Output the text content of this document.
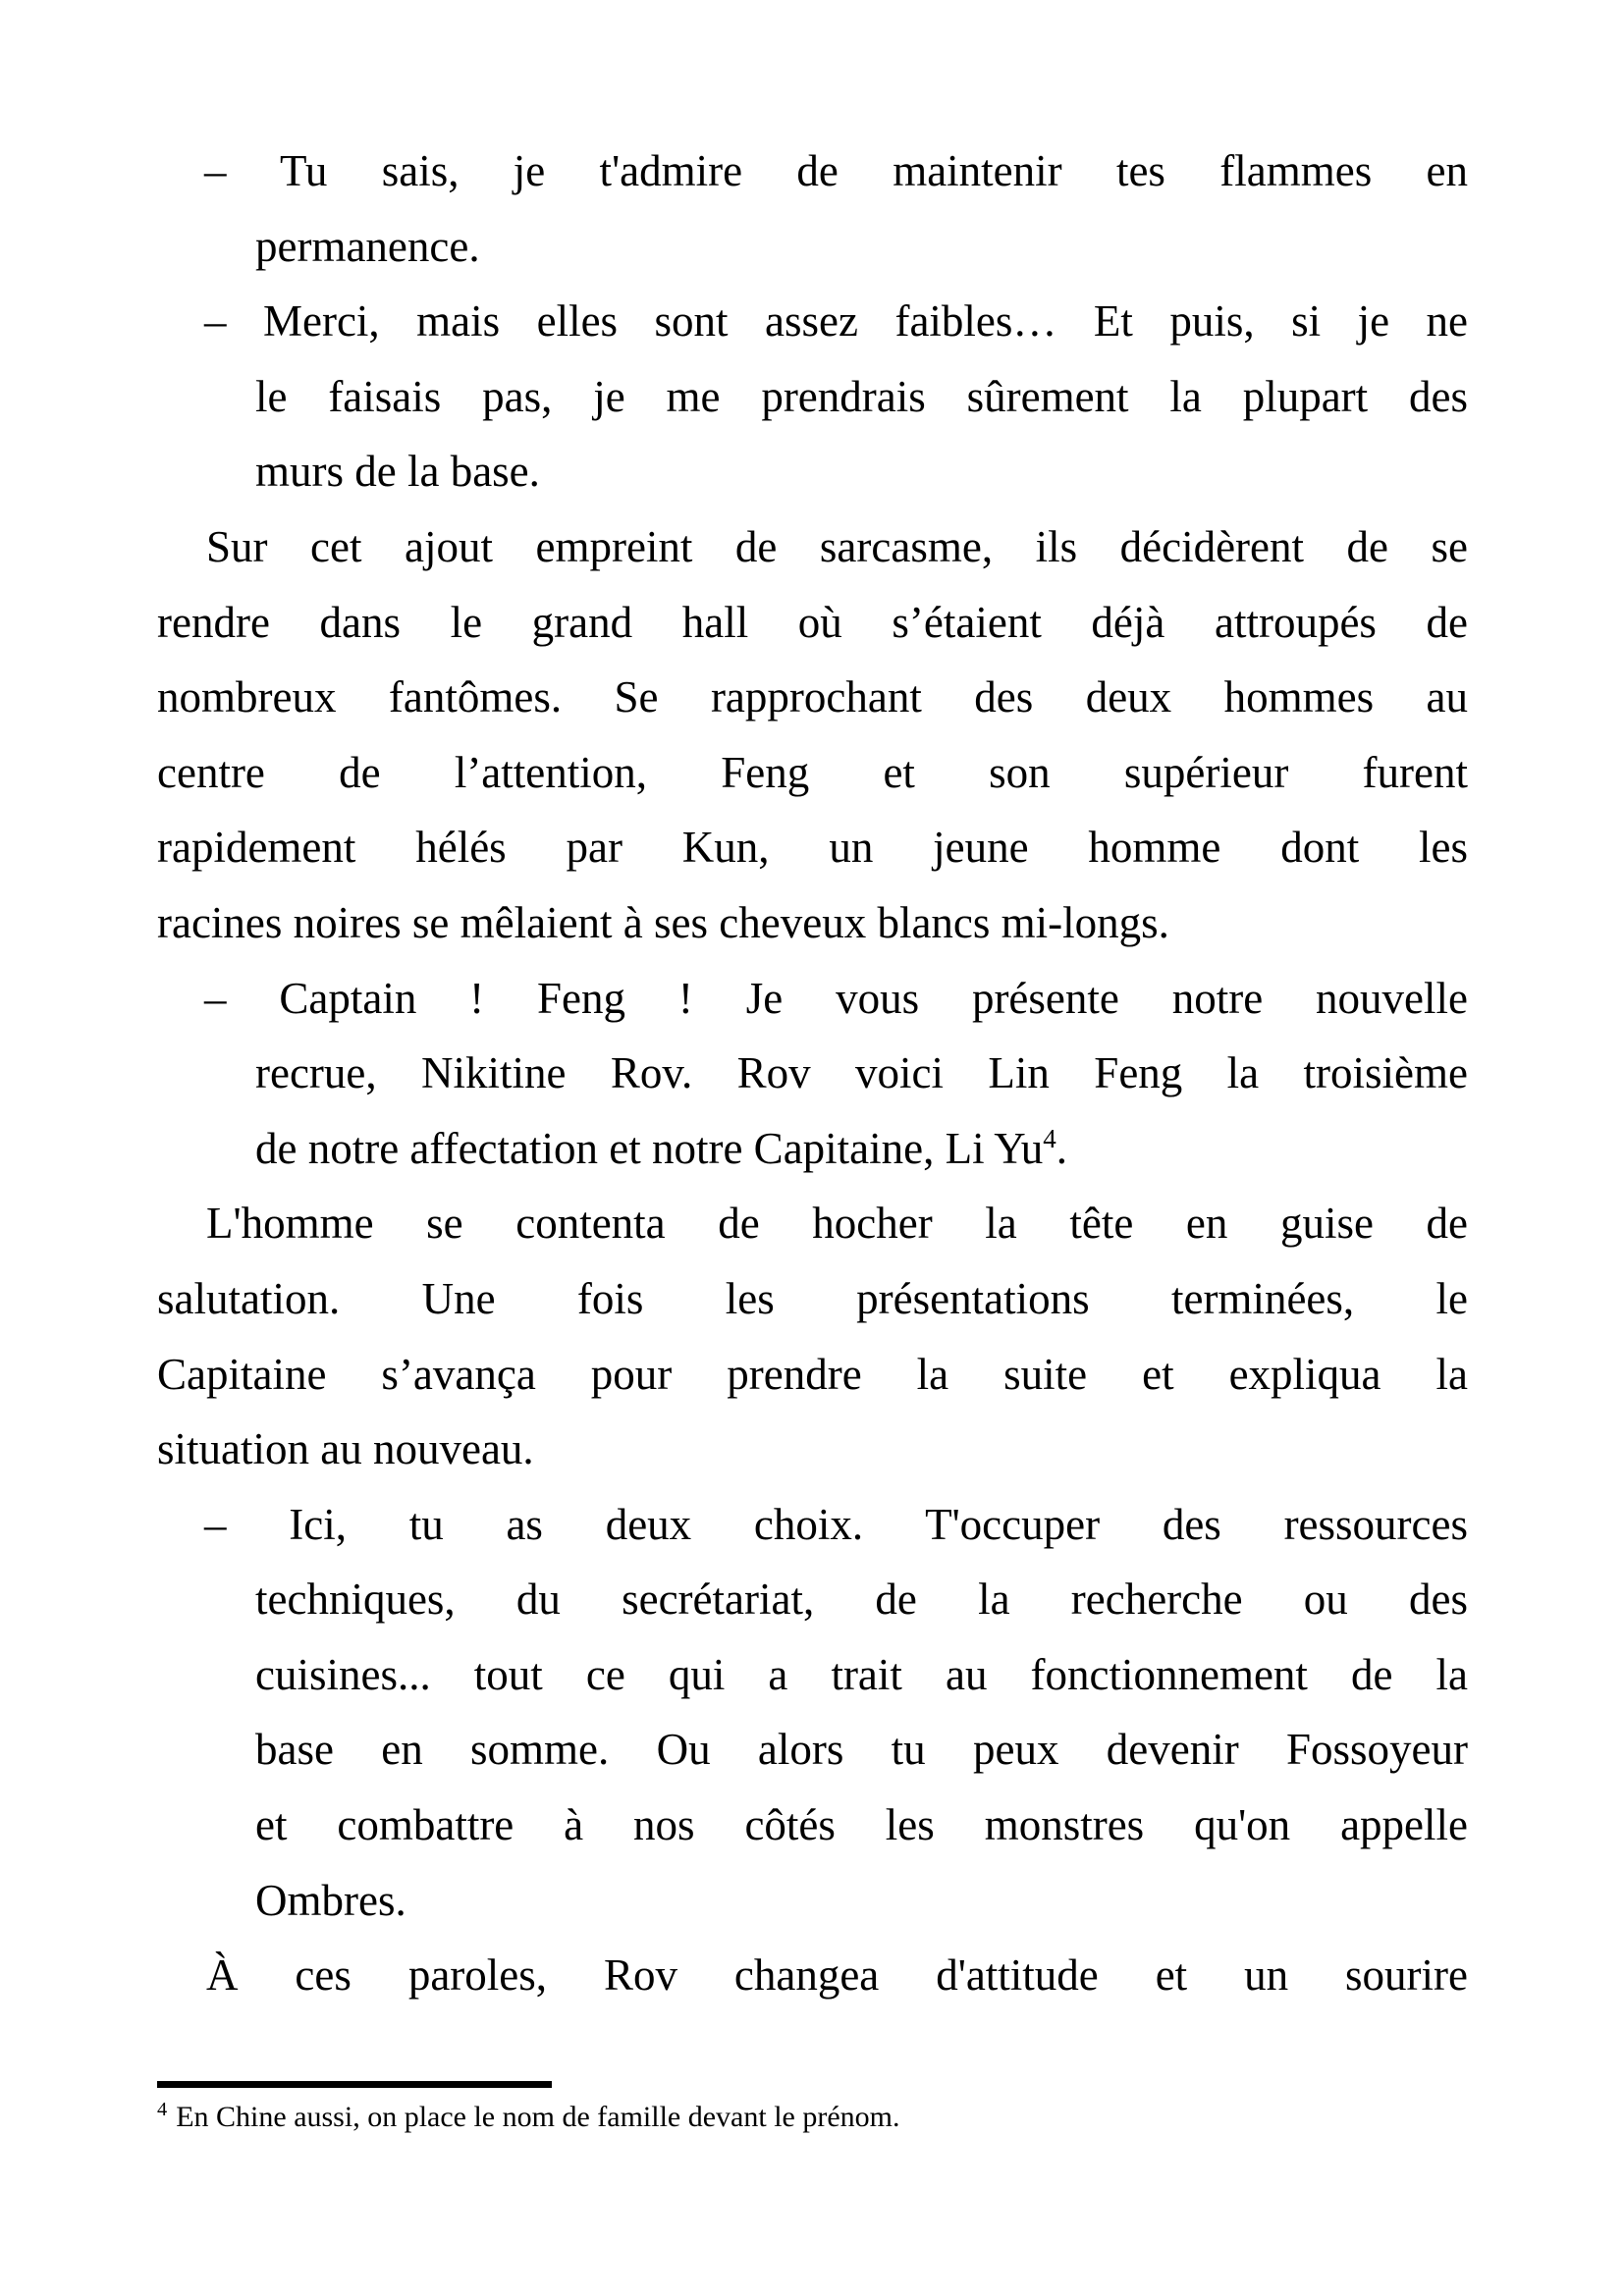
– Tu sais, je t'admire de maintenir tes flammes en
permanence.
– Merci, mais elles sont assez faibles… Et puis, si je ne
le faisais pas, je me prendrais sûrement la plupart des
murs de la base.
Sur cet ajout empreint de sarcasme, ils décidèrent de se
rendre dans le grand hall où s’étaient déjà attroupés de
nombreux fantômes. Se rapprochant des deux hommes au
centre de l’attention, Feng et son supérieur furent
rapidement hélés par Kun, un jeune homme dont les
racines noires se mêlaient à ses cheveux blancs mi-longs.
– Captain ! Feng ! Je vous présente notre nouvelle
recrue, Nikitine Rov. Rov voici Lin Feng la troisième
de notre affectation et notre Capitaine, Li Yu$^4$.
L'homme se contenta de hocher la tête en guise de
salutation. Une fois les présentations terminées, le
Capitaine s’avança pour prendre la suite et expliqua la
situation au nouveau.
– Ici, tu as deux choix. T'occuper des ressources
techniques, du secrétariat, de la recherche ou des
cuisines... tout ce qui a trait au fonctionnement de la
base en somme. Ou alors tu peux devenir Fossoyeur
et combattre à nos côtés les monstres qu'on appelle
Ombres.
À ces paroles, Rov changea d'attitude et un sourire
$^4$ En Chine aussi, on place le nom de famille devant le prénom.
